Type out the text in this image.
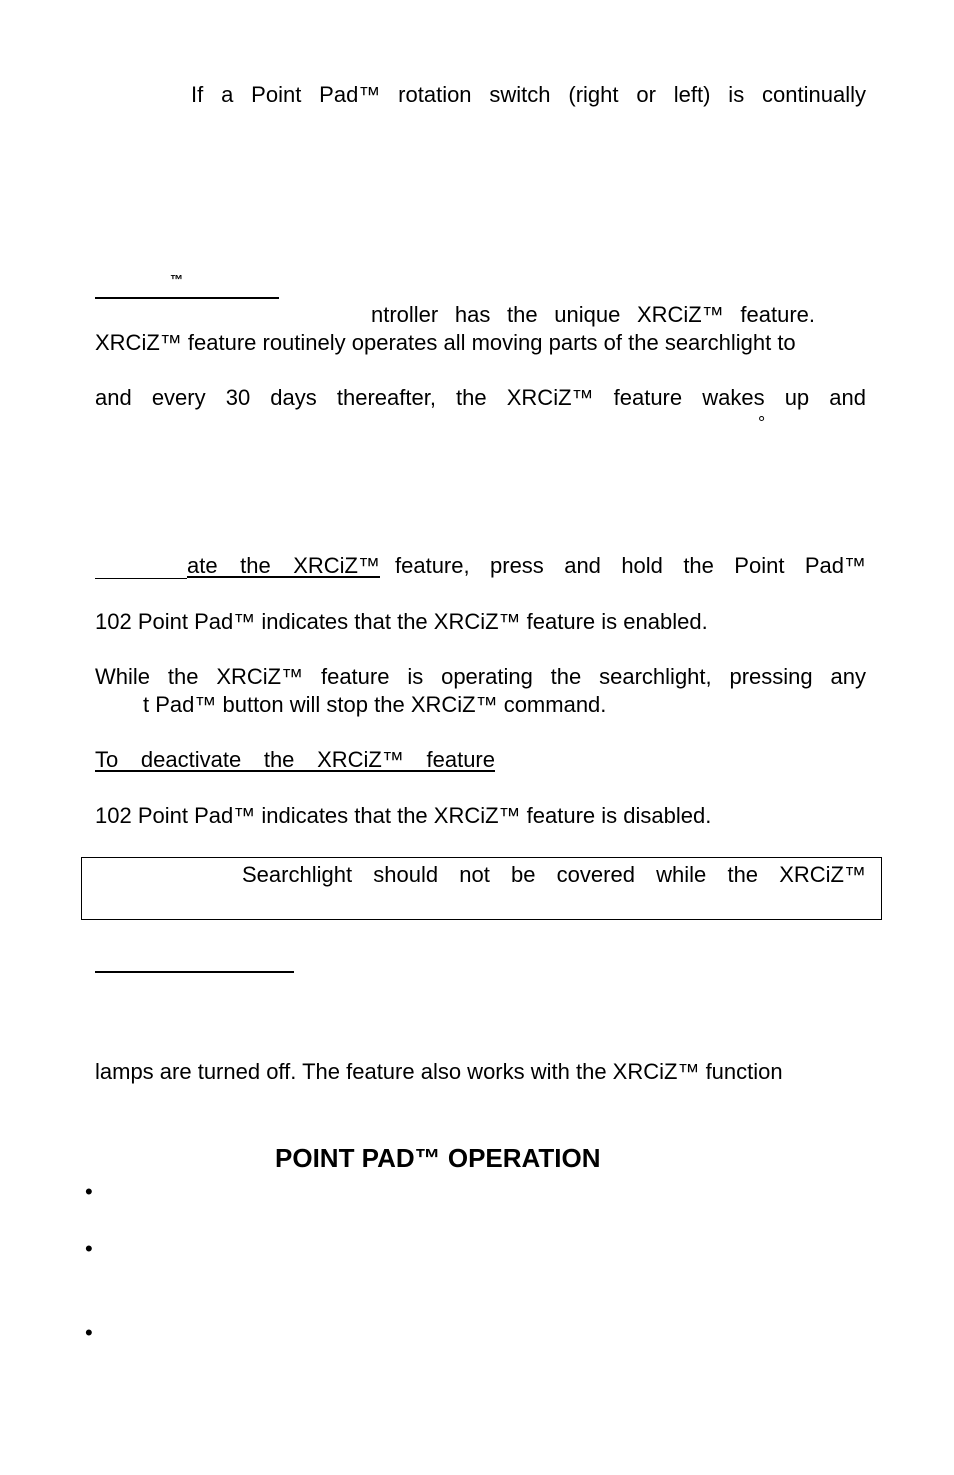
If a Point Pad™ rotation switch (right or left) is continually
™
ntroller has the unique XRCiZ™ feature.
XRCiZ™ feature routinely operates all moving parts of the searchlight to
and every 30 days thereafter, the XRCiZ™ feature wakes up and
°
ate the XRCiZ™ feature, press and hold the Point Pad™
102 Point Pad™ indicates that the XRCiZ™ feature is enabled.
While the XRCiZ™ feature is operating the searchlight, pressing any
t Pad™ button will stop the XRCiZ™ command.
To deactivate the XRCiZ™ feature
102 Point Pad™ indicates that the XRCiZ™ feature is disabled.
Searchlight should not be covered while the XRCiZ™
lamps are turned off. The feature also works with the XRCiZ™ function
POINT PAD™ OPERATION
•
•
•
